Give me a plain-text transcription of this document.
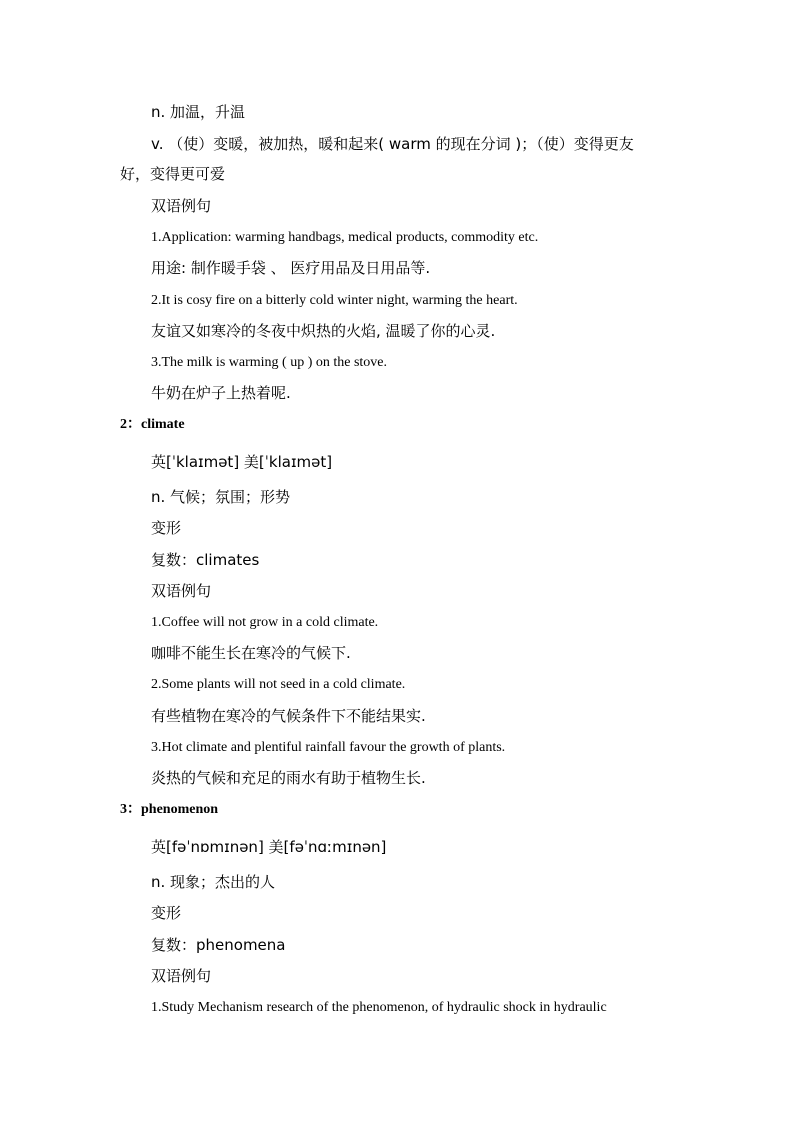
n. 加温，升温
v. （使）变暖，被加热，暖和起来( warm 的现在分词 )；（使）变得更友
好，变得更可爱
双语例句
1.Application: warming handbags, medical products, commodity etc.
用途: 制作暖手袋 、 医疗用品及日用品等.
2.It is cosy fire on a bitterly cold winter night, warming the heart.
友谊又如寒冷的冬夜中炽热的火焰, 温暖了你的心灵.
3.The milk is warming ( up ) on the stove.
牛奶在炉子上热着呢.
2：climate
英[ˈklaɪmət] 美[ˈklaɪmət]
n. 气候；氛围；形势
变形
复数：climates
双语例句
1.Coffee will not grow in a cold climate.
咖啡不能生长在寒冷的气候下.
2.Some plants will not seed in a cold climate.
有些植物在寒冷的气候条件下不能结果实.
3.Hot climate and plentiful rainfall favour the growth of plants.
炎热的气候和充足的雨水有助于植物生长.
3：phenomenon
英[fəˈnɒmɪnən] 美[fəˈnɑːmɪnən]
n. 现象；杰出的人
变形
复数：phenomena
双语例句
1.Study Mechanism research of the phenomenon, of hydraulic shock in hydraulic
